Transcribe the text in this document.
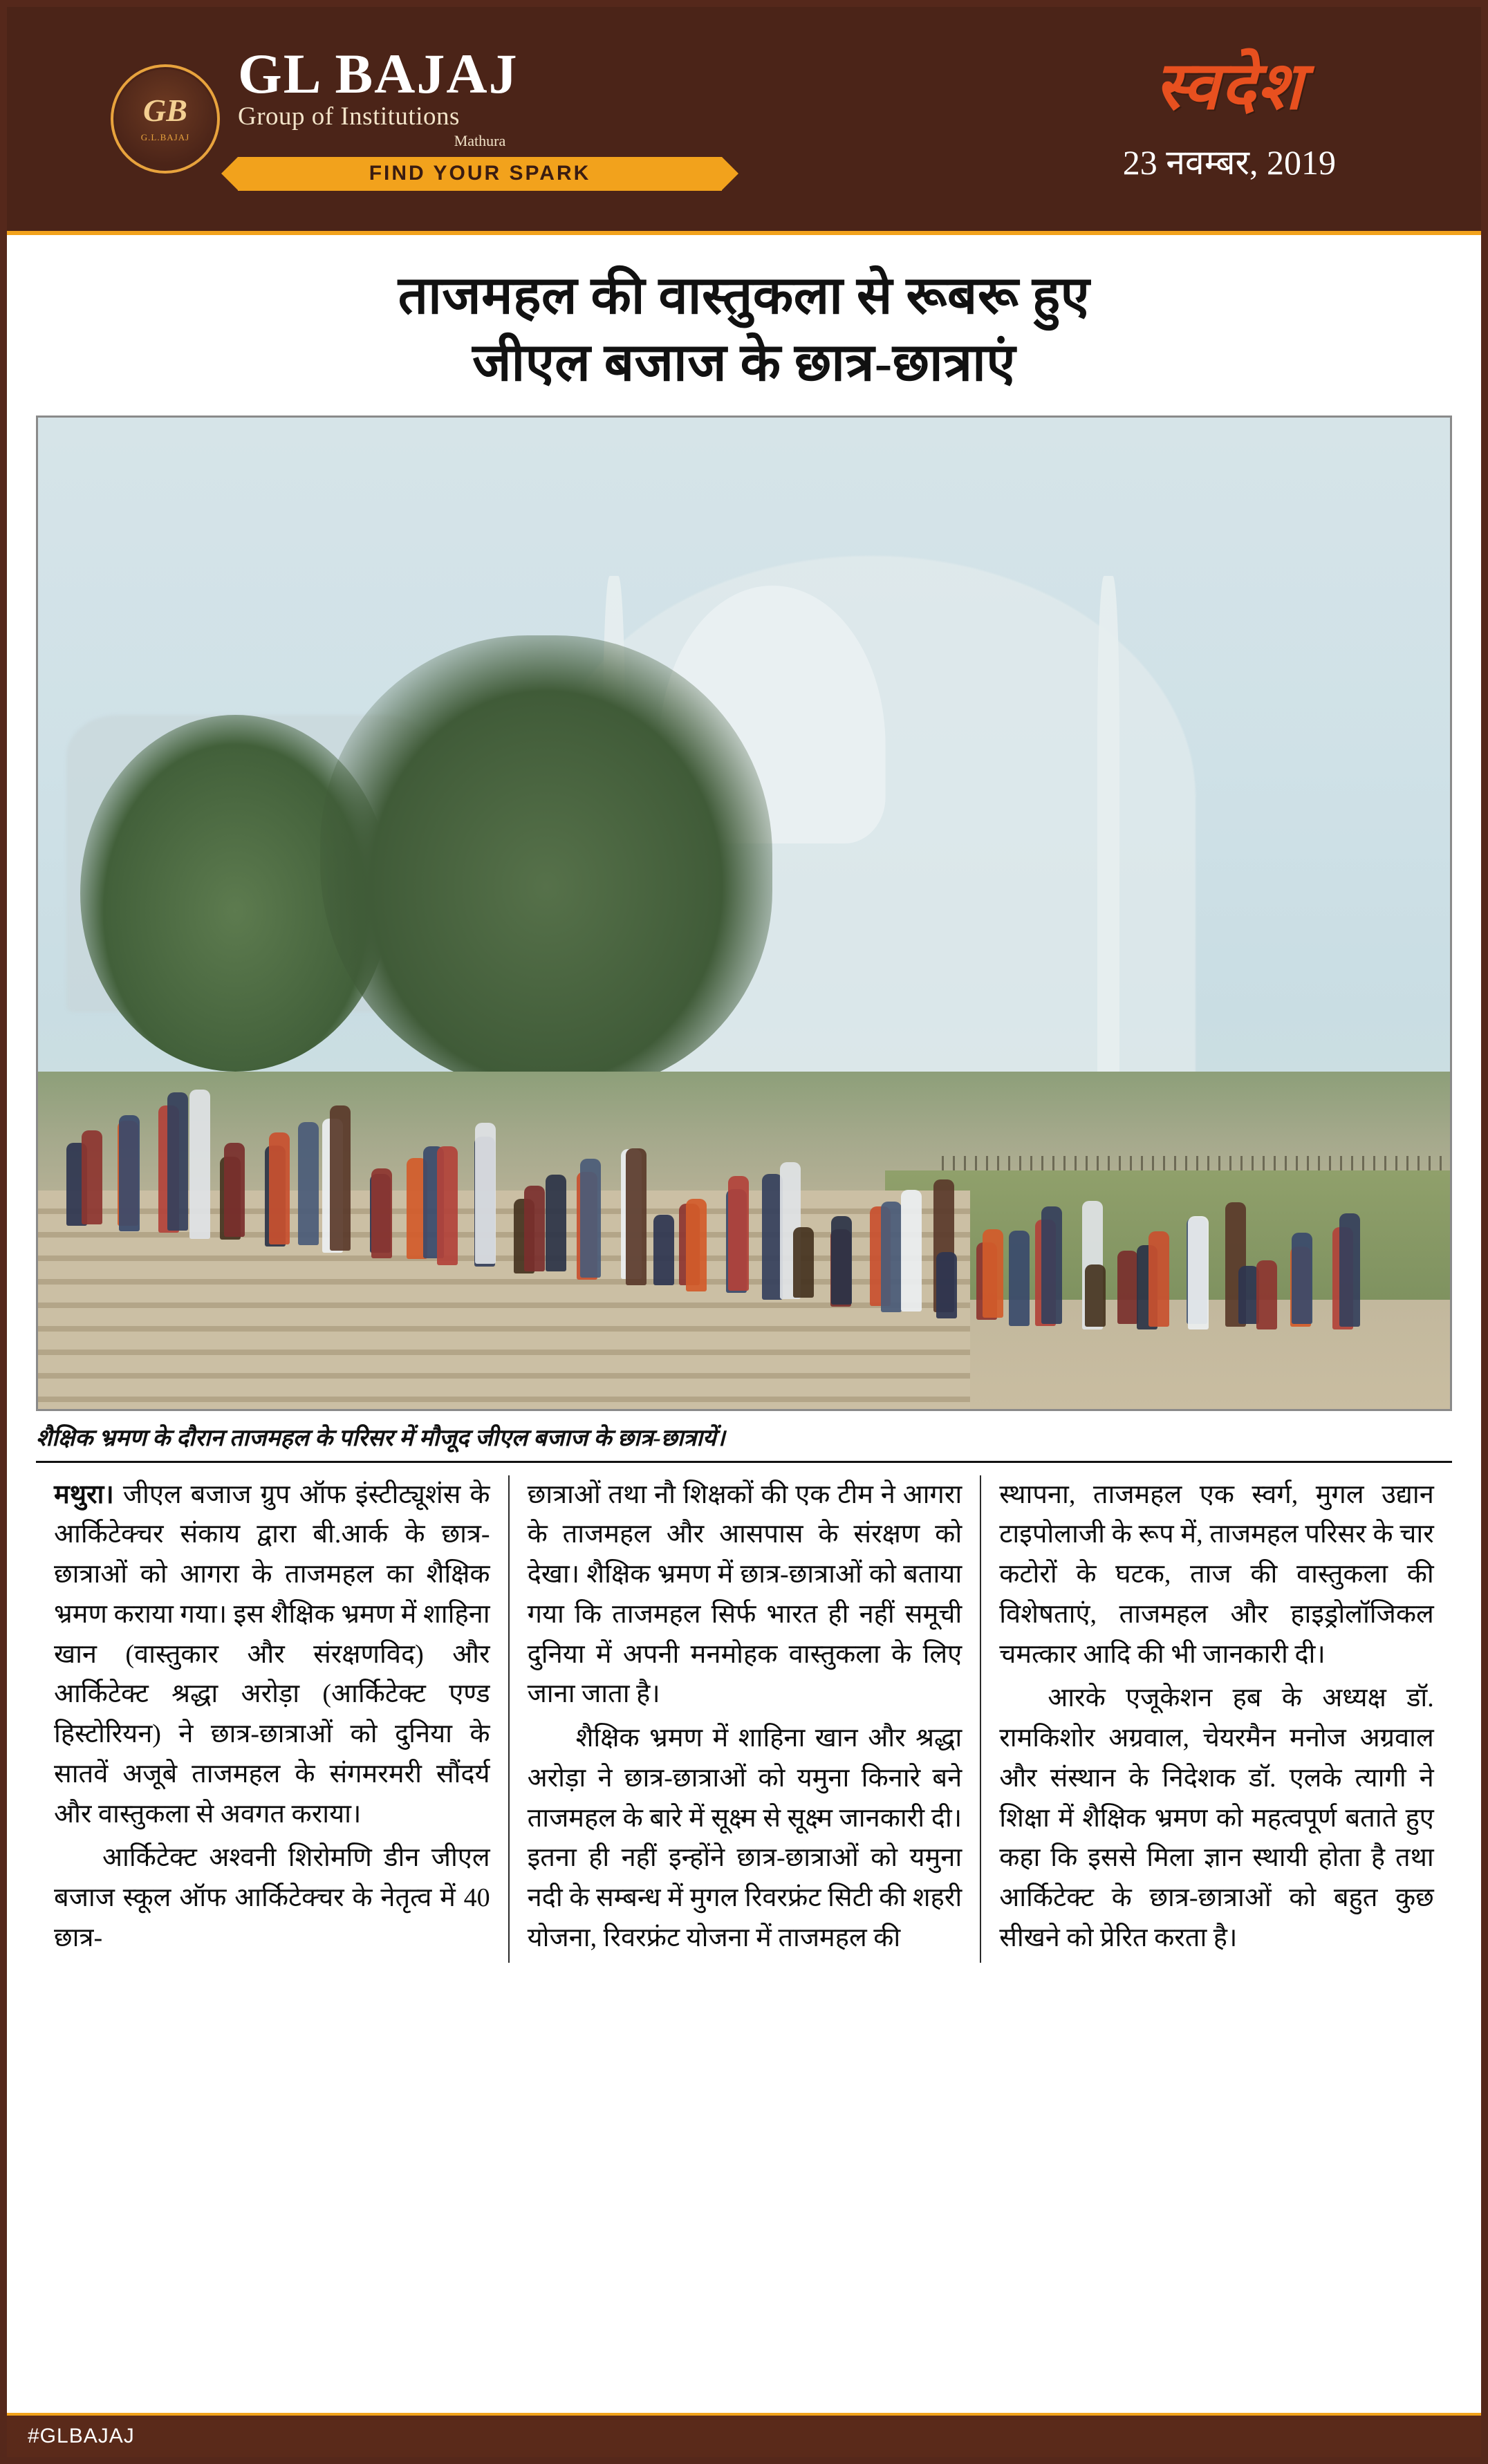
GB
G.L.BAJAJ
GL BAJAJ
Group of Institutions
Mathura
FIND YOUR SPARK
स्वदेश
23 नवम्बर, 2019
ताजमहल की वास्तुकला से रूबरू हुए
जीएल बजाज के छात्र-छात्राएं
शैक्षिक भ्रमण के दौरान ताजमहल के परिसर में मौजूद जीएल बजाज के छात्र-छात्रायें।

मथुरा। जीएल बजाज ग्रुप ऑफ इंस्टीट्यूशंस के आर्किटेक्चर संकाय द्वारा बी.आर्क के छात्र-छात्राओं को आगरा के ताजमहल का शैक्षिक भ्रमण कराया गया। इस शैक्षिक भ्रमण में शाहिना खान (वास्तुकार और संरक्षणविद) और आर्किटेक्ट श्रद्धा अरोड़ा (आर्किटेक्ट एण्ड हिस्टोरियन) ने छात्र-छात्राओं को दुनिया के सातवें अजूबे ताजमहल के संगमरमरी सौंदर्य और वास्तुकला से अवगत कराया।

आर्किटेक्ट अश्वनी शिरोमणि डीन जीएल बजाज स्कूल ऑफ आर्किटेक्चर के नेतृत्व में 40 छात्र-

छात्राओं तथा नौ शिक्षकों की एक टीम ने आगरा के ताजमहल और आसपास के संरक्षण को देखा। शैक्षिक भ्रमण में छात्र-छात्राओं को बताया गया कि ताजमहल सिर्फ भारत ही नहीं समूची दुनिया में अपनी मनमोहक वास्तुकला के लिए जाना जाता है।

शैक्षिक भ्रमण में शाहिना खान और श्रद्धा अरोड़ा ने छात्र-छात्राओं को यमुना किनारे बने ताजमहल के बारे में सूक्ष्म से सूक्ष्म जानकारी दी। इतना ही नहीं इन्होंने छात्र-छात्राओं को यमुना नदी के सम्बन्ध में मुगल रिवरफ्रंट सिटी की शहरी योजना, रिवरफ्रंट योजना में ताजमहल की

स्थापना, ताजमहल एक स्वर्ग, मुगल उद्यान टाइपोलाजी के रूप में, ताजमहल परिसर के चार कटोरों के घटक, ताज की वास्तुकला की विशेषताएं, ताजमहल और हाइड्रोलॉजिकल चमत्कार आदि की भी जानकारी दी।

आरके एजूकेशन हब के अध्यक्ष डॉ. रामकिशोर अग्रवाल, चेयरमैन मनोज अग्रवाल और संस्थान के निदेशक डॉ. एलके त्यागी ने शिक्षा में शैक्षिक भ्रमण को महत्वपूर्ण बताते हुए कहा कि इससे मिला ज्ञान स्थायी होता है तथा आर्किटेक्ट के छात्र-छात्राओं को बहुत कुछ सीखने को प्रेरित करता है।

#GLBAJAJ
